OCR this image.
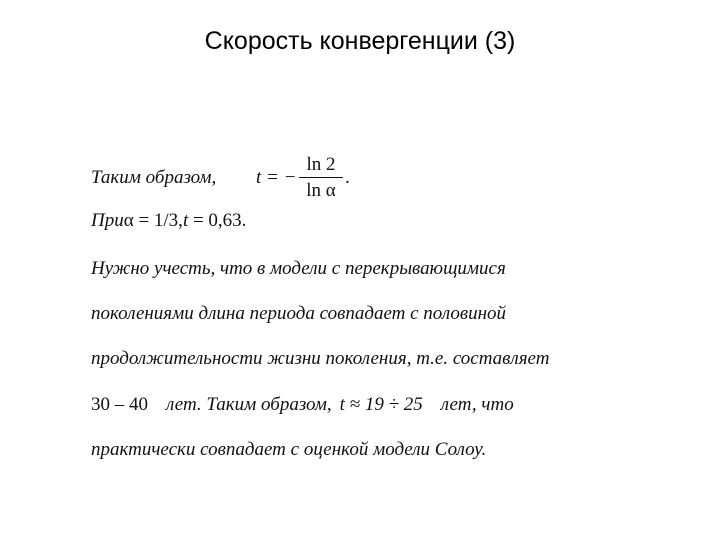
Скорость конвергенции (3)
Таким образом, t = −
ln 2
ln α
.
Приα = 1/3,t = 0,63.
Нужно учесть, что в модели с перекрывающимися
поколениями длина периода совпадает с половиной
продолжительности жизни поколения, т.е. составляет
30 – 40 лет. Таким образом, t ≈ 19 ÷ 25 лет, что
практически совпадает с оценкой модели Солоу.
